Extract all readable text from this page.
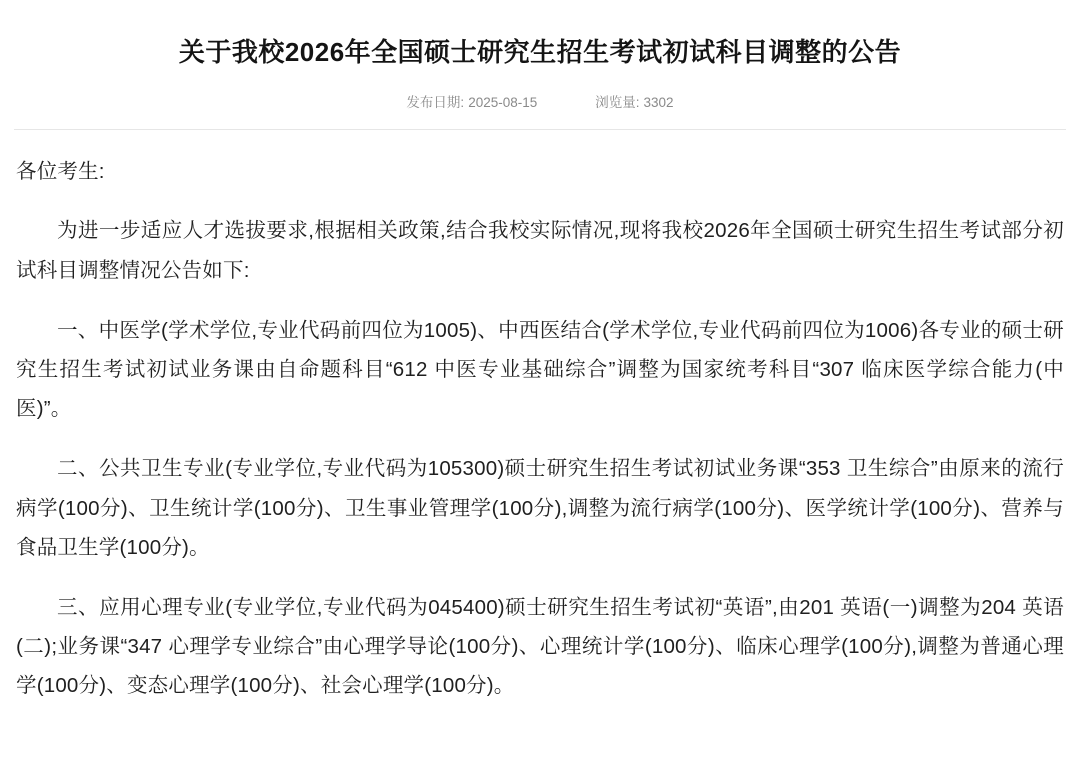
关于我校2026年全国硕士研究生招生考试初试科目调整的公告
发布日期: 2025-08-15	浏览量: 3302

各位考生:

为进一步适应人才选拔要求,根据相关政策,结合我校实际情况,现将我校2026年全国硕士研究生招生考试部分初试科目调整情况公告如下:

一、中医学(学术学位,专业代码前四位为1005)、中西医结合(学术学位,专业代码前四位为1006)各专业的硕士研究生招生考试初试业务课由自命题科目“612 中医专业基础综合”调整为国家统考科目“307 临床医学综合能力(中医)”。

二、公共卫生专业(专业学位,专业代码为105300)硕士研究生招生考试初试业务课“353 卫生综合”由原来的流行病学(100分)、卫生统计学(100分)、卫生事业管理学(100分),调整为流行病学(100分)、医学统计学(100分)、营养与食品卫生学(100分)。

三、应用心理专业(专业学位,专业代码为045400)硕士研究生招生考试初“英语”,由201 英语(一)调整为204 英语(二);业务课“347 心理学专业综合”由心理学导论(100分)、心理统计学(100分)、临床心理学(100分),调整为普通心理学(100分)、变态心理学(100分)、社会心理学(100分)。
